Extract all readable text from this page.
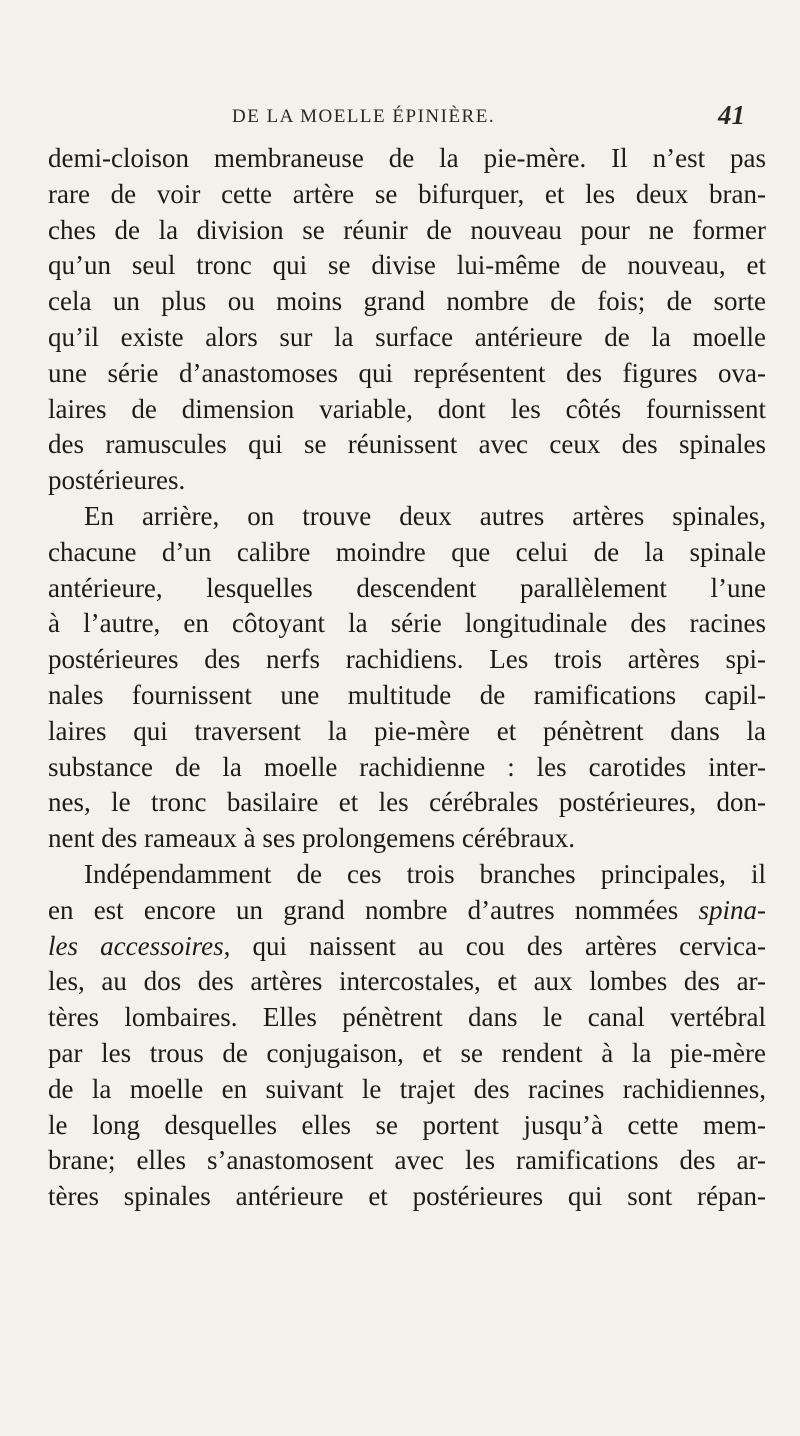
DE LA MOELLE ÉPINIÈRE.	41
demi-cloison membraneuse de la pie-mère. Il n’est pas
rare de voir cette artère se bifurquer, et les deux bran-
ches de la division se réunir de nouveau pour ne former
qu’un seul tronc qui se divise lui-même de nouveau, et
cela un plus ou moins grand nombre de fois; de sorte
qu’il existe alors sur la surface antérieure de la moelle
une série d’anastomoses qui représentent des figures ova-
laires de dimension variable, dont les côtés fournissent
des ramuscules qui se réunissent avec ceux des spinales
postérieures.
En arrière, on trouve deux autres artères spinales,
chacune d’un calibre moindre que celui de la spinale
antérieure, lesquelles descendent parallèlement l’une
à l’autre, en côtoyant la série longitudinale des racines
postérieures des nerfs rachidiens. Les trois artères spi-
nales fournissent une multitude de ramifications capil-
laires qui traversent la pie-mère et pénètrent dans la
substance de la moelle rachidienne : les carotides inter-
nes, le tronc basilaire et les cérébrales postérieures, don-
nent des rameaux à ses prolongemens cérébraux.
Indépendamment de ces trois branches principales, il
en est encore un grand nombre d’autres nommées spina-
les accessoires, qui naissent au cou des artères cervica-
les, au dos des artères intercostales, et aux lombes des ar-
tères lombaires. Elles pénètrent dans le canal vertébral
par les trous de conjugaison, et se rendent à la pie-mère
de la moelle en suivant le trajet des racines rachidiennes,
le long desquelles elles se portent jusqu’à cette mem-
brane; elles s’anastomosent avec les ramifications des ar-
tères spinales antérieure et postérieures qui sont répan-
